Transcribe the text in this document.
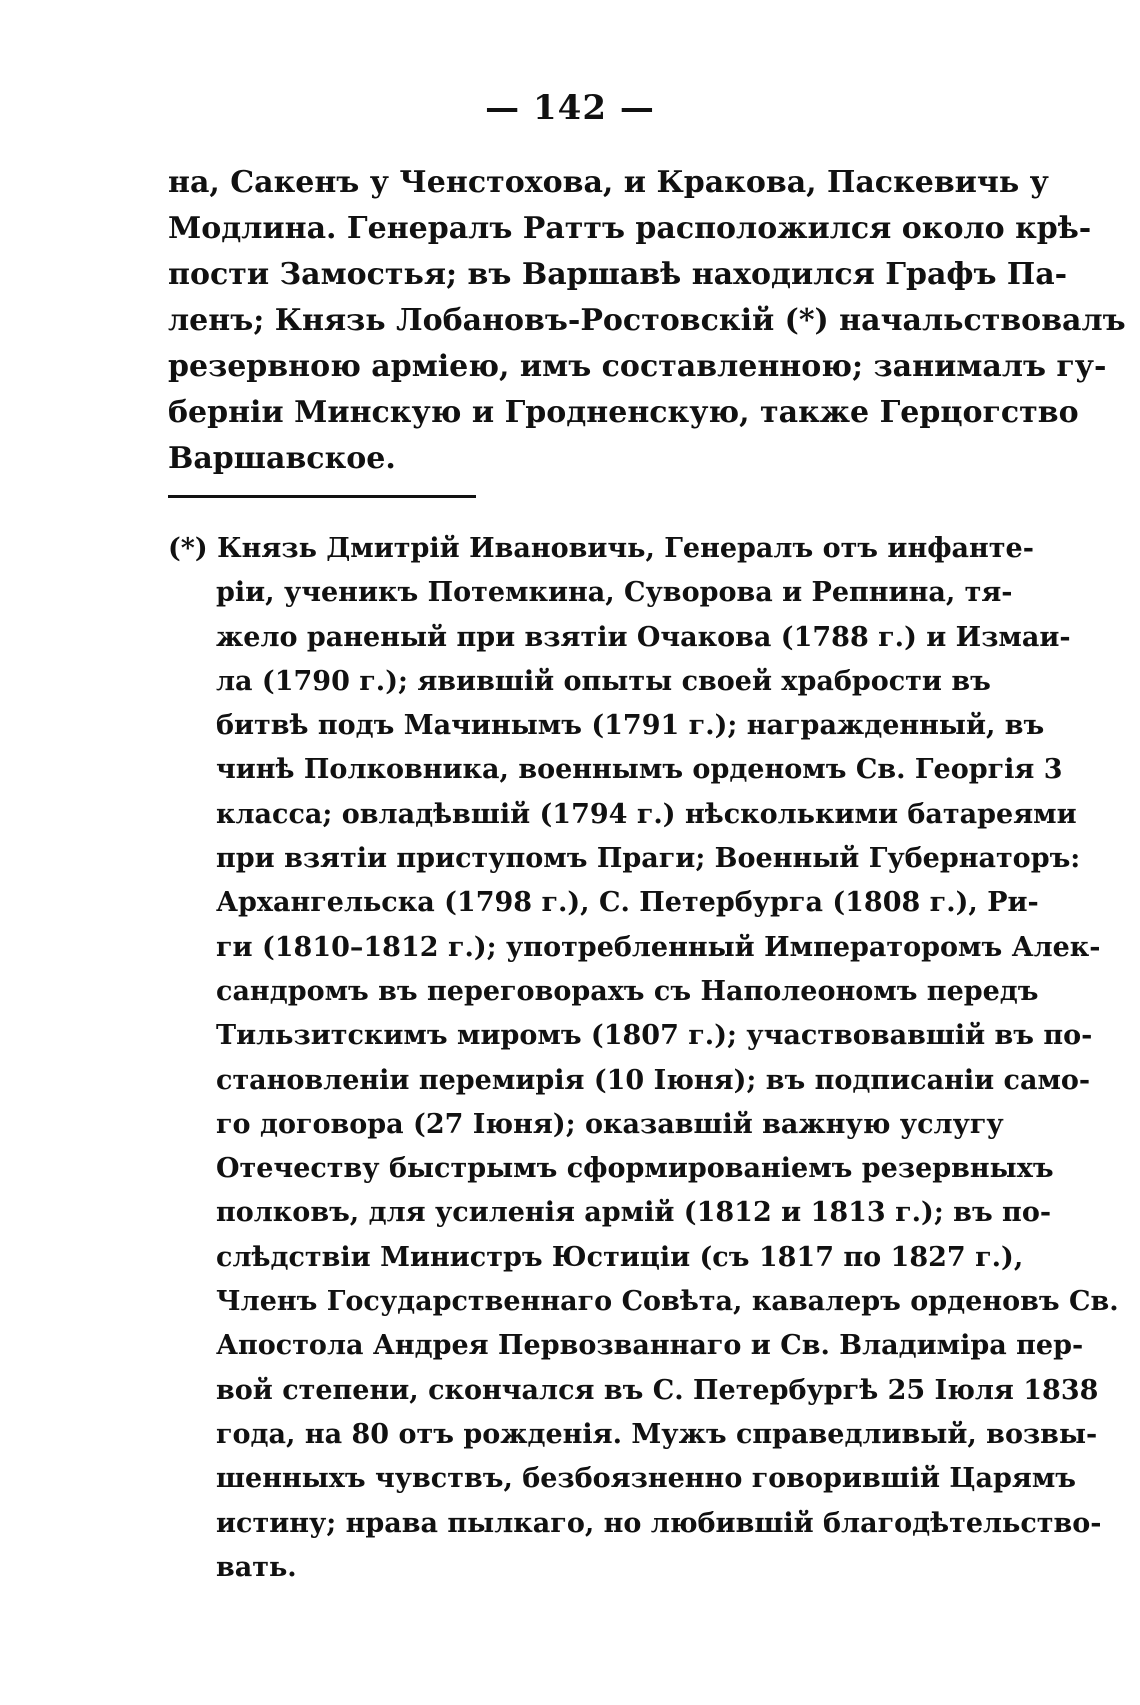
— 142 —
на, Сакенъ у Ченстохова, и Кракова, Паскевичь у
Модлина. Генералъ Раттъ расположился около крѣ-
пости Замостья; въ Варшавѣ находился Графъ Па-
ленъ; Князь Лобановъ-Ростовскій (*) начальствовалъ
резервною арміею, имъ составленною; занималъ гу-
берніи Минскую и Гродненскую, также Герцогство
Варшавское.
(*) Князь Дмитрій Ивановичь, Генералъ отъ инфанте-
ріи, ученикъ Потемкина, Суворова и Репнина, тя-
жело раненый при взятіи Очакова (1788 г.) и Измаи-
ла (1790 г.); явившій опыты своей храбрости въ
битвѣ подъ Мачинымъ (1791 г.); награжденный, въ
чинѣ Полковника, военнымъ орденомъ Св. Георгія 3
класса; овладѣвшій (1794 г.) нѣсколькими батареями
при взятіи приступомъ Праги; Военный Губернаторъ:
Архангельска (1798 г.), С. Петербурга (1808 г.), Ри-
ги (1810–1812 г.); употребленный Императоромъ Алек-
сандромъ въ переговорахъ съ Наполеономъ передъ
Тильзитскимъ миромъ (1807 г.); участвовавшій въ по-
становленіи перемирія (10 Іюня); въ подписаніи само-
го договора (27 Іюня); оказавшій важную услугу
Отечеству быстрымъ сформированіемъ резервныхъ
полковъ, для усиленія армій (1812 и 1813 г.); въ по-
слѣдствіи Министръ Юстиціи (съ 1817 по 1827 г.),
Членъ Государственнаго Совѣта, кавалеръ орденовъ Св.
Апостола Андрея Первозваннаго и Св. Владиміра пер-
вой степени, скончался въ С. Петербургѣ 25 Іюля 1838
года, на 80 отъ рожденія. Мужъ справедливый, возвы-
шенныхъ чувствъ, безбоязненно говорившій Царямъ
истину; нрава пылкаго, но любившій благодѣтельство-
вать.
